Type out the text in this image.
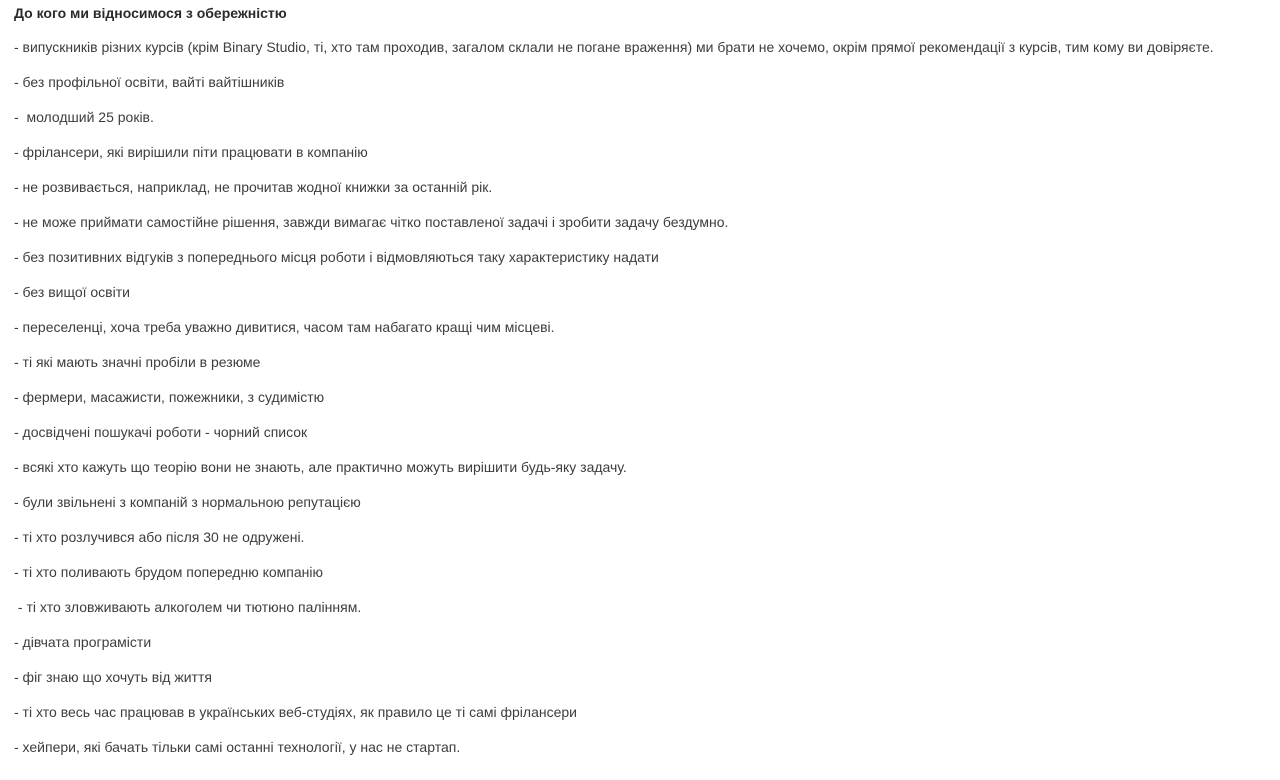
До кого ми відносимося з обережністю
- випускників різних курсів (крім Binary Studio, ті, хто там проходив, загалом склали не погане враження) ми брати не хочемо, окрім прямої рекомендації з курсів, тим кому ви довіряєте.
- без профільної освіти, вайті вайтішників
-  молодший 25 років.
- фрілансери, які вирішили піти працювати в компанію
- не розвивається, наприклад, не прочитав жодної книжки за останній рік.
- не може приймати самостійне рішення, завжди вимагає чітко поставленої задачі і зробити задачу бездумно.
- без позитивних відгуків з попереднього місця роботи і відмовляються таку характеристику надати
- без вищої освіти
- переселенці, хоча треба уважно дивитися, часом там набагато кращі чим місцеві.
- ті які мають значні пробіли в резюме
- фермери, масажисти, пожежники, з судимістю
- досвідчені пошукачі роботи - чорний список
- всякі хто кажуть що теорію вони не знають, але практично можуть вирішити будь-яку задачу.
- були звільнені з компаній з нормальною репутацією
- ті хто розлучився або після 30 не одружені.
- ті хто поливають брудом попередню компанію
- ті хто зловживають алкоголем чи тютюно палінням.
- дівчата програмісти
- фіг знаю що хочуть від життя
- ті хто весь час працював в українських веб-студіях, як правило це ті самі фрілансери
- хейпери, які бачать тільки самі останні технології, у нас не стартап.
